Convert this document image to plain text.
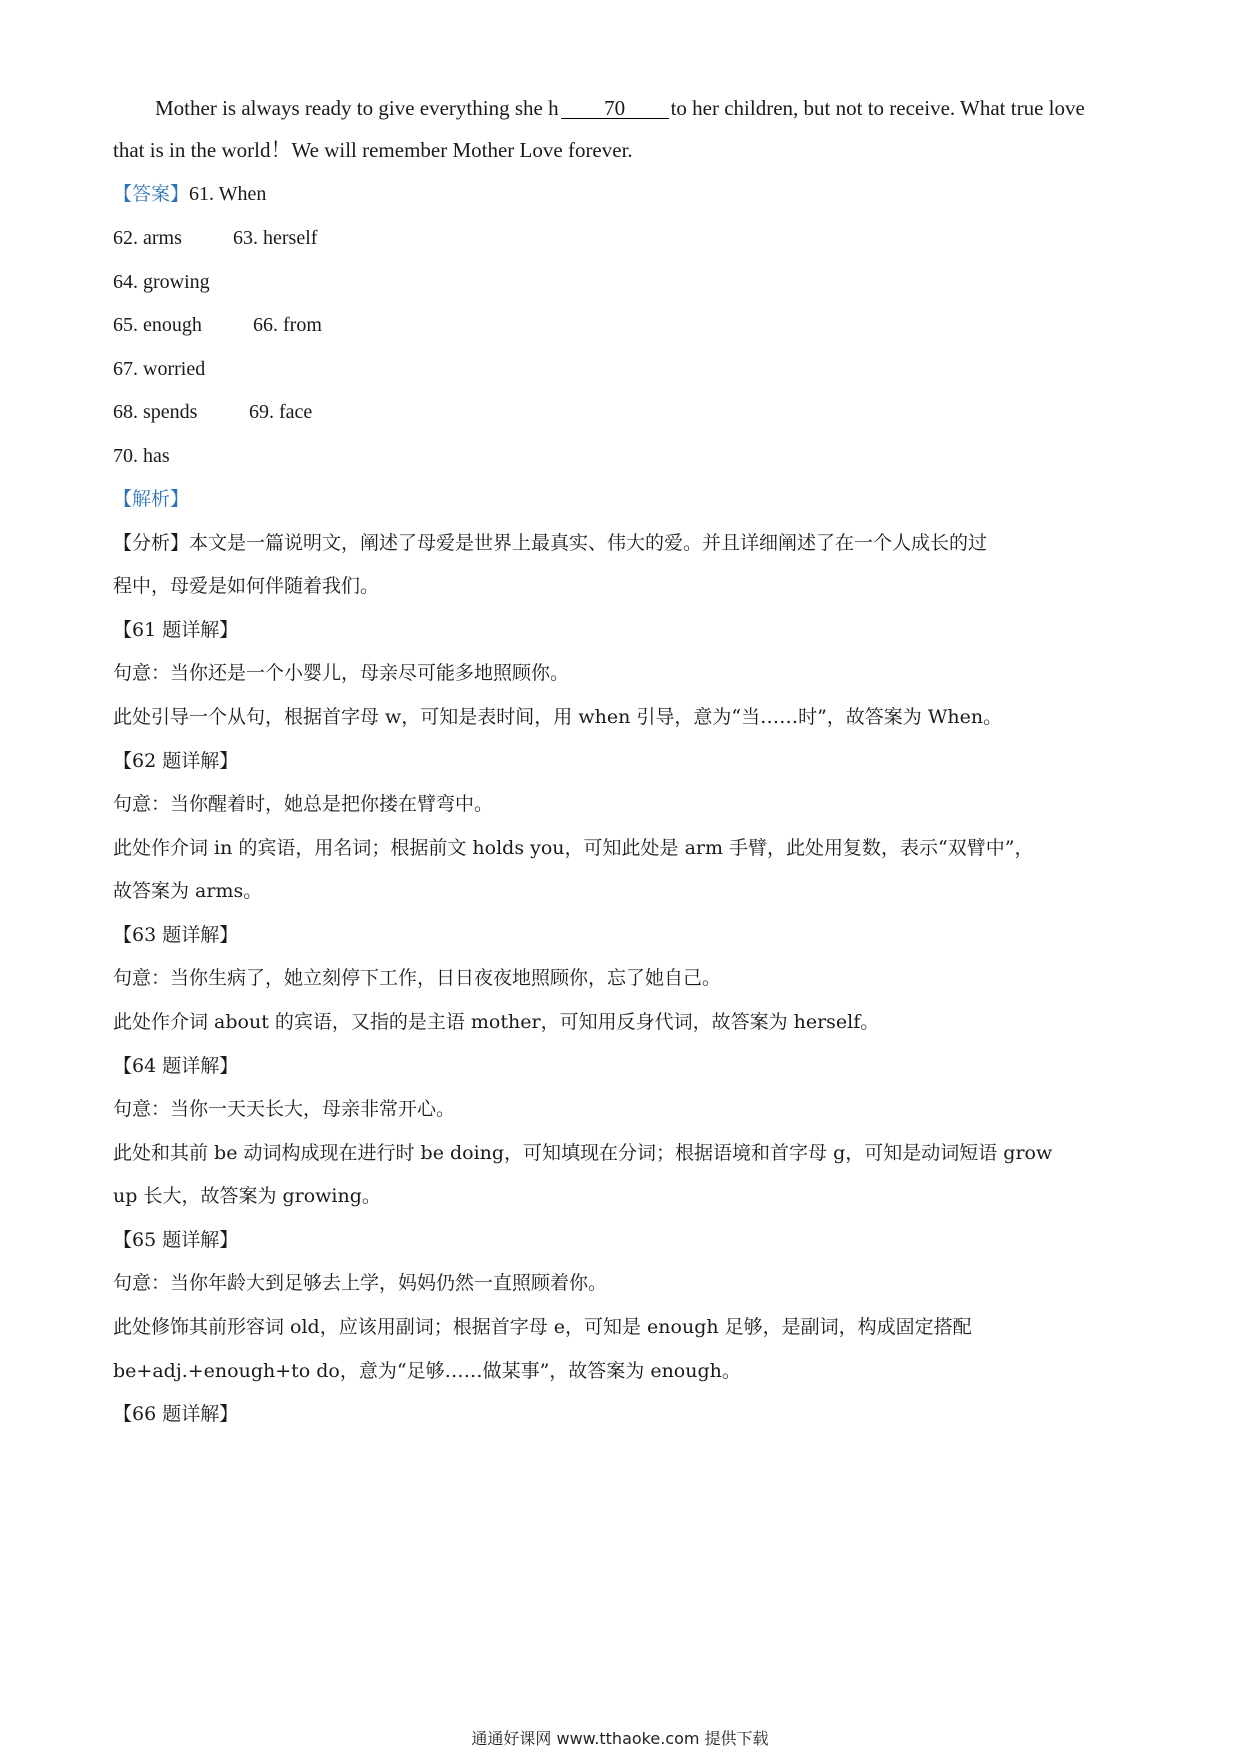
Mother is always ready to give everything she h 70 to her children, but not to receive. What true love
that is in the world！We will remember Mother Love forever.
【答案】61. When
62. arms	63. herself
64. growing
65. enough	66. from
67. worried
68. spends	69. face
70. has
【解析】
【分析】本文是一篇说明文，阐述了母爱是世界上最真实、伟大的爱。并且详细阐述了在一个人成长的过
程中，母爱是如何伴随着我们。
【61 题详解】
句意：当你还是一个小婴儿，母亲尽可能多地照顾你。
此处引导一个从句，根据首字母 w，可知是表时间，用 when 引导，意为“当……时”，故答案为 When。
【62 题详解】
句意：当你醒着时，她总是把你搂在臂弯中。
此处作介词 in 的宾语，用名词；根据前文 holds you，可知此处是 arm 手臂，此处用复数，表示“双臂中”，
故答案为 arms。
【63 题详解】
句意：当你生病了，她立刻停下工作，日日夜夜地照顾你，忘了她自己。
此处作介词 about 的宾语，又指的是主语 mother，可知用反身代词，故答案为 herself。
【64 题详解】
句意：当你一天天长大，母亲非常开心。
此处和其前 be 动词构成现在进行时 be doing，可知填现在分词；根据语境和首字母 g，可知是动词短语 grow
up 长大，故答案为 growing。
【65 题详解】
句意：当你年龄大到足够去上学，妈妈仍然一直照顾着你。
此处修饰其前形容词 old，应该用副词；根据首字母 e，可知是 enough 足够，是副词，构成固定搭配
be+adj.+enough+to do，意为“足够……做某事”，故答案为 enough。
【66 题详解】
通通好课网 www.tthaoke.com 提供下载
